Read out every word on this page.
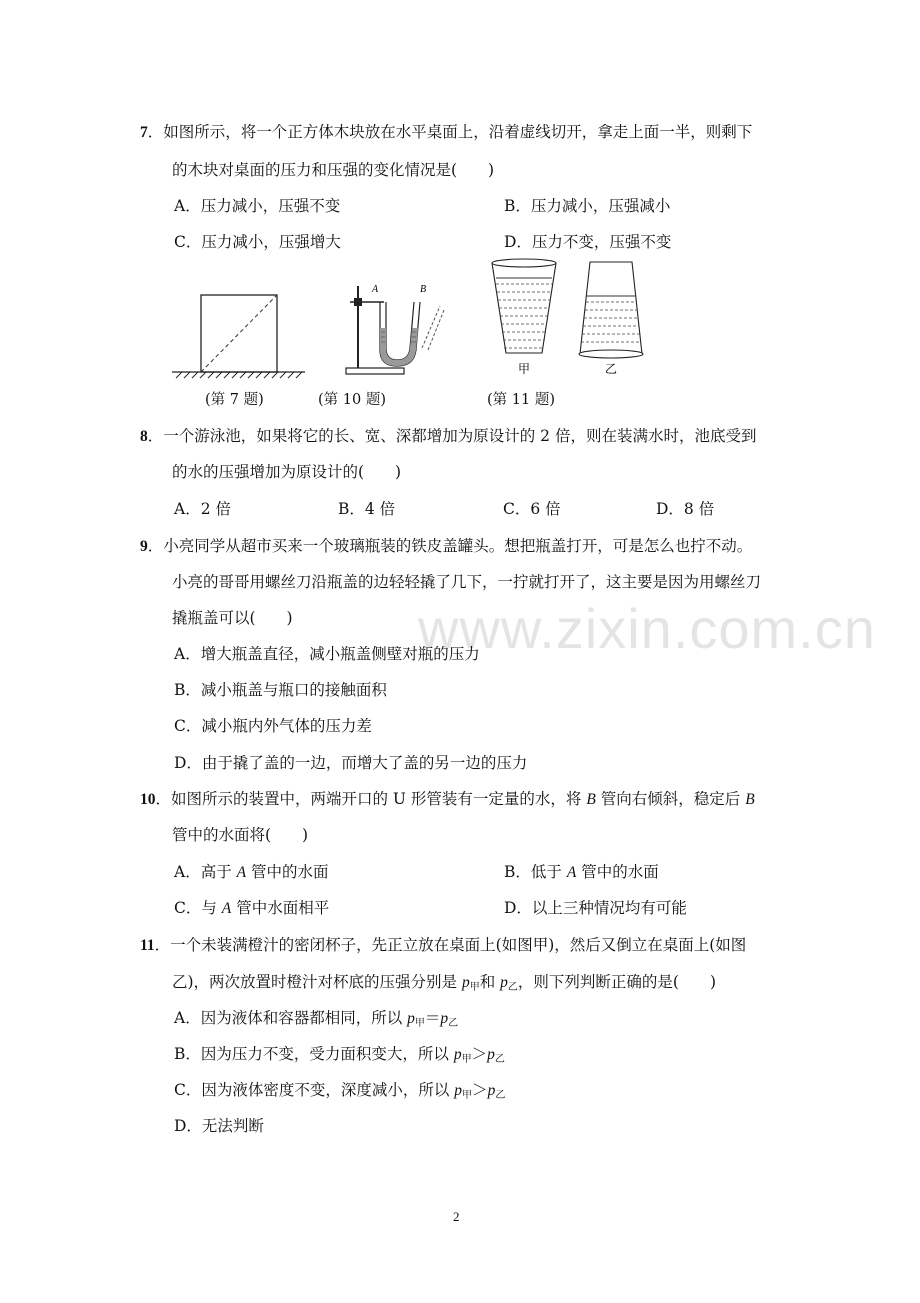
www.zixin.com.cn
7．如图所示，将一个正方体木块放在水平桌面上，沿着虚线切开，拿走上面一半，则剩下
的木块对桌面的压力和压强的变化情况是(　　)
A．压力减小，压强不变	B．压力减小，压强减小
C．压力减小，压强增大	D．压力不变，压强不变
A	B
甲	乙
(第 7 题)	(第 10 题)	(第 11 题)
8．一个游泳池，如果将它的长、宽、深都增加为原设计的 2 倍，则在装满水时，池底受到
的水的压强增加为原设计的(　　)
A．2 倍	B．4 倍	C．6 倍	D．8 倍
9．小亮同学从超市买来一个玻璃瓶装的铁皮盖罐头。想把瓶盖打开，可是怎么也拧不动。
小亮的哥哥用螺丝刀沿瓶盖的边轻轻撬了几下，一拧就打开了，这主要是因为用螺丝刀
撬瓶盖可以(　　)
A．增大瓶盖直径，减小瓶盖侧壁对瓶的压力
B．减小瓶盖与瓶口的接触面积
C．减小瓶内外气体的压力差
D．由于撬了盖的一边，而增大了盖的另一边的压力
10．如图所示的装置中，两端开口的 U 形管装有一定量的水，将 B 管向右倾斜，稳定后 B
管中的水面将(　　)
A．高于 A 管中的水面	B．低于 A 管中的水面
C．与 A 管中水面相平	D．以上三种情况均有可能
11．一个未装满橙汁的密闭杯子，先正立放在桌面上(如图甲)，然后又倒立在桌面上(如图
乙)，两次放置时橙汁对杯底的压强分别是 $p_甲$和 $p_乙$，则下列判断正确的是(　　)
A．因为液体和容器都相同，所以 $p_甲=p_乙$
B．因为压力不变，受力面积变大，所以 $p_甲>p_乙$
C．因为液体密度不变，深度减小，所以 $p_甲>p_乙$
D．无法判断
2
